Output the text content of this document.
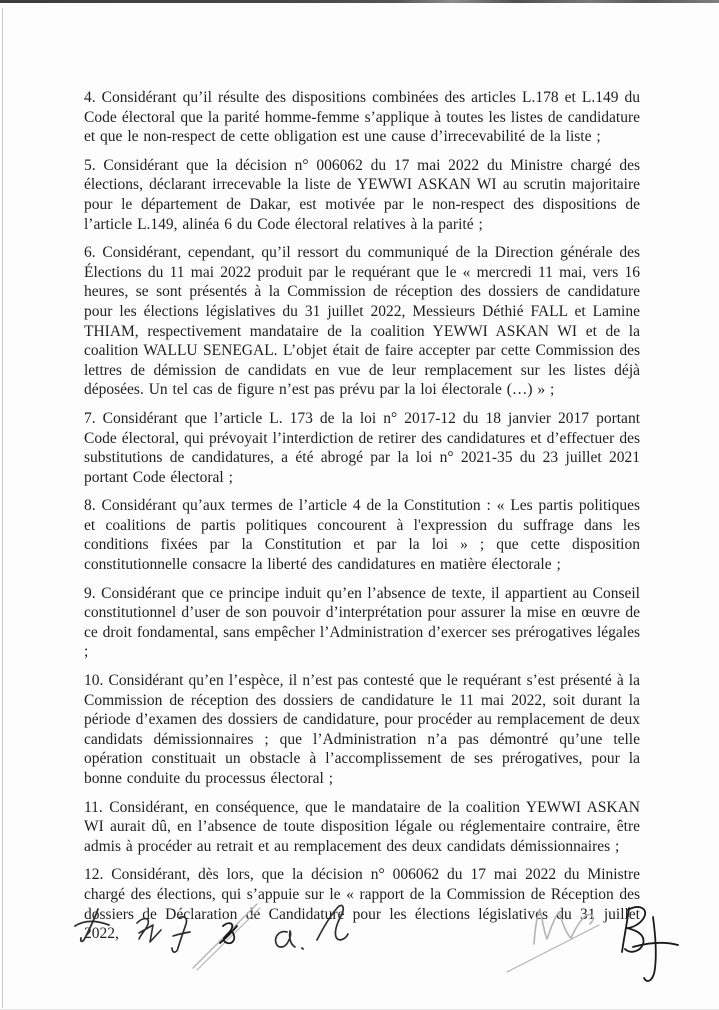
4. Considérant qu’il résulte des dispositions combinées des articles L.178 et L.149 du Code électoral que la parité homme-femme s’applique à toutes les listes de candidature et que le non-respect de cette obligation est une cause d’irrecevabilité de la liste ;

5. Considérant que la décision n° 006062 du 17 mai 2022 du Ministre chargé des élections, déclarant irrecevable la liste de YEWWI ASKAN WI au scrutin majoritaire pour le département de Dakar, est motivée par le non-respect des dispositions de l’article L.149, alinéa 6 du Code électoral relatives à la parité ;

6. Considérant, cependant, qu’il ressort du communiqué de la Direction générale des Élections du 11 mai 2022 produit par le requérant que le « mercredi 11 mai, vers 16 heures, se sont présentés à la Commission de réception des dossiers de candidature pour les élections législatives du 31 juillet 2022, Messieurs Déthié FALL et Lamine THIAM, respectivement mandataire de la coalition YEWWI ASKAN WI et de la coalition WALLU SENEGAL. L’objet était de faire accepter par cette Commission des lettres de démission de candidats en vue de leur remplacement sur les listes déjà déposées. Un tel cas de figure n’est pas prévu par la loi électorale (…) » ;

7. Considérant que l’article L. 173 de la loi n° 2017-12 du 18 janvier 2017 portant Code électoral, qui prévoyait l’interdiction de retirer des candidatures et d’effectuer des substitutions de candidatures, a été abrogé par la loi n° 2021-35 du 23 juillet 2021 portant Code électoral ;

8. Considérant qu’aux termes de l’article 4 de la Constitution : « Les partis politiques et coalitions de partis politiques concourent à l'expression du suffrage dans les conditions fixées par la Constitution et par la loi » ; que cette disposition constitutionnelle consacre la liberté des candidatures en matière électorale ;

9. Considérant que ce principe induit qu’en l’absence de texte, il appartient au Conseil constitutionnel d’user de son pouvoir d’interprétation pour assurer la mise en œuvre de ce droit fondamental, sans empêcher l’Administration d’exercer ses prérogatives légales ;

10. Considérant qu’en l’espèce, il n’est pas contesté que le requérant s’est présenté à la Commission de réception des dossiers de candidature le 11 mai 2022, soit durant la période d’examen des dossiers de candidature, pour procéder au remplacement de deux candidats démissionnaires ; que l’Administration n’a pas démontré qu’une telle opération constituait un obstacle à l’accomplissement de ses prérogatives, pour la bonne conduite du processus électoral ;

11. Considérant, en conséquence, que le mandataire de la coalition YEWWI ASKAN WI aurait dû, en l’absence de toute disposition légale ou réglementaire contraire, être admis à procéder au retrait et au remplacement des deux candidats démissionnaires ;

12. Considérant, dès lors, que la décision n° 006062 du 17 mai 2022 du Ministre chargé des élections, qui s’appuie sur le « rapport de la Commission de Réception des dossiers de Déclaration de Candidature pour les élections législatives du 31 juillet 2022,
